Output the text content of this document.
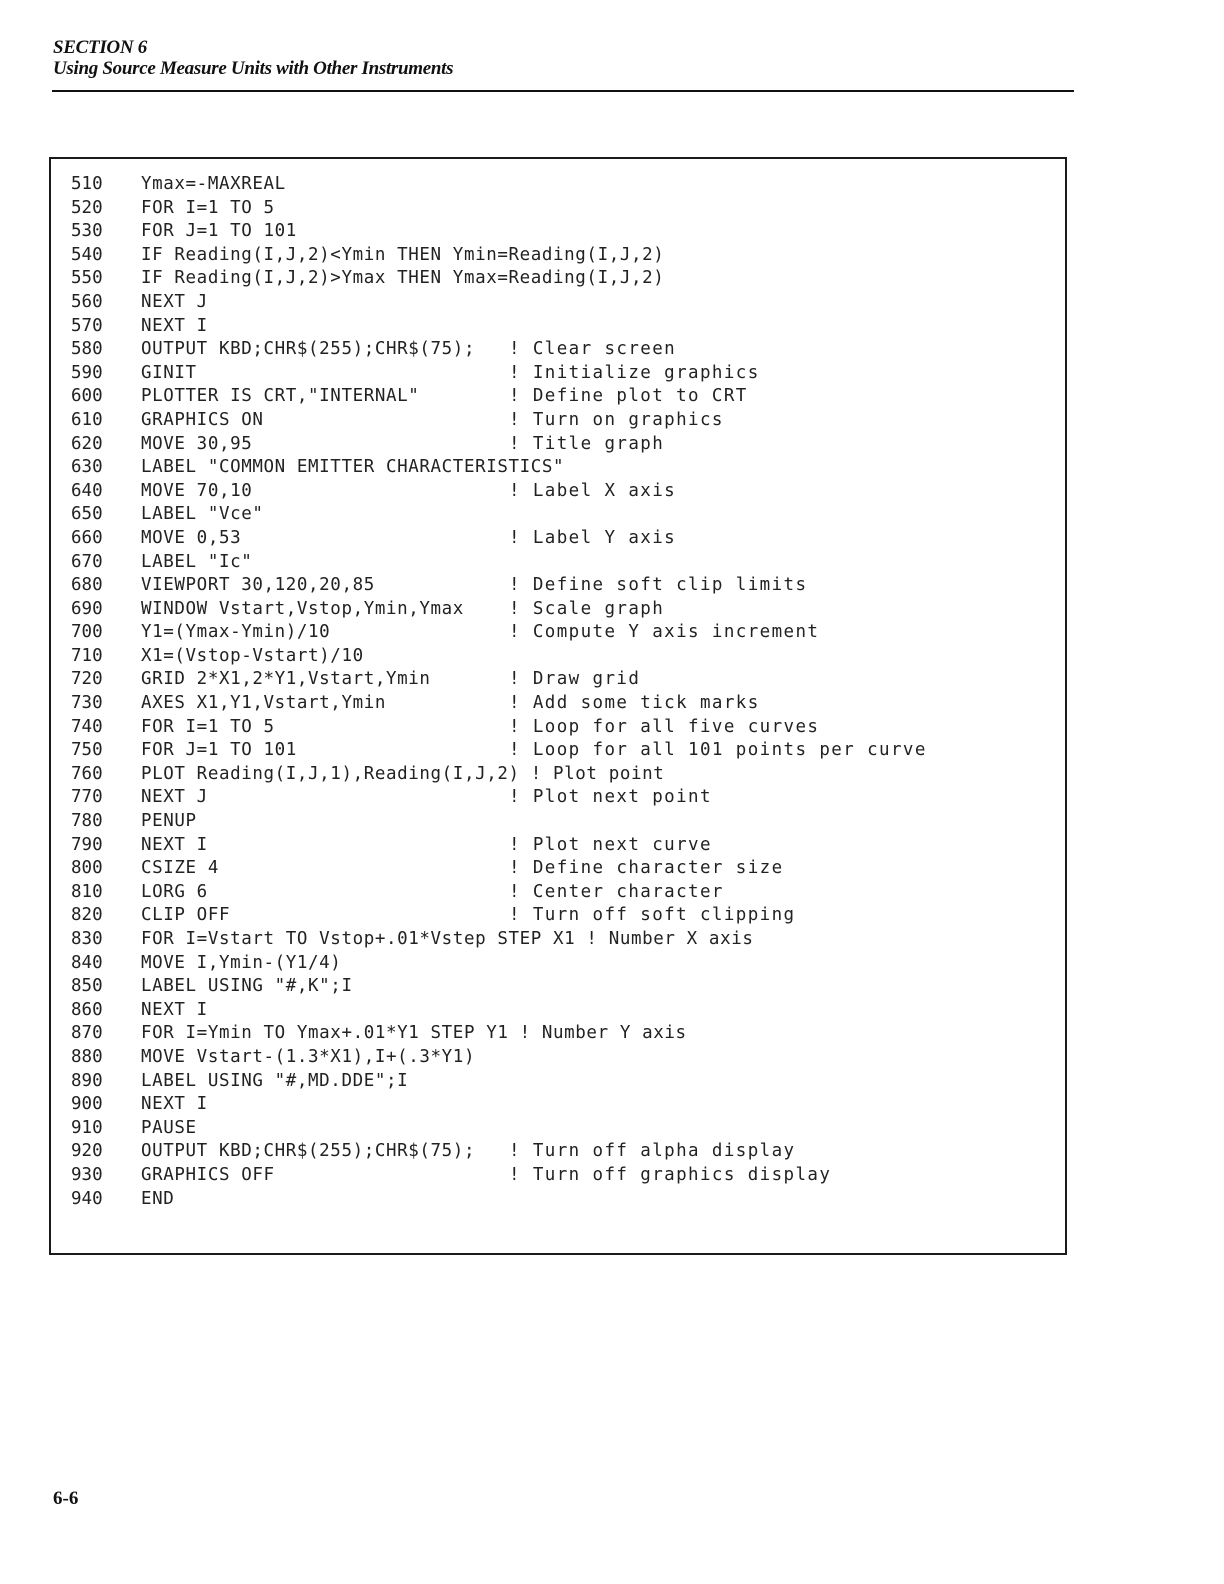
SECTION 6
Using Source Measure Units with Other Instruments
510 Ymax=-MAXREAL
520 FOR I=1 TO 5
530 FOR J=1 TO 101
540 IF Reading(I,J,2)<Ymin THEN Ymin=Reading(I,J,2)
550 IF Reading(I,J,2)>Ymax THEN Ymax=Reading(I,J,2)
560 NEXT J
570 NEXT I
580 OUTPUT KBD;CHR$(255);CHR$(75); ! Clear screen
590 GINIT	! Initialize graphics
600 PLOTTER IS CRT,"INTERNAL"	! Define plot to CRT
610 GRAPHICS ON	! Turn on graphics
620 MOVE 30,95	! Title graph
630 LABEL "COMMON EMITTER CHARACTERISTICS"
640 MOVE 70,10	! Label X axis
650 LABEL "Vce"
660 MOVE 0,53	! Label Y axis
670 LABEL "Ic"
680 VIEWPORT 30,120,20,85	! Define soft clip limits
690 WINDOW Vstart,Vstop,Ymin,Ymax	! Scale graph
700 Y1=(Ymax-Ymin)/10	! Compute Y axis increment
710 X1=(Vstop-Vstart)/10
720 GRID 2*X1,2*Y1,Vstart,Ymin	! Draw grid
730 AXES X1,Y1,Vstart,Ymin	! Add some tick marks
740 FOR I=1 TO 5	! Loop for all five curves
750 FOR J=1 TO 101	! Loop for all 101 points per curve
760 PLOT Reading(I,J,1),Reading(I,J,2) ! Plot point
770 NEXT J	! Plot next point
780 PENUP
790 NEXT I	! Plot next curve
800 CSIZE 4	! Define character size
810 LORG 6	! Center character
820 CLIP OFF	! Turn off soft clipping
830 FOR I=Vstart TO Vstop+.01*Vstep STEP X1 ! Number X axis
840 MOVE I,Ymin-(Y1/4)
850 LABEL USING "#,K";I
860 NEXT I
870 FOR I=Ymin TO Ymax+.01*Y1 STEP Y1 ! Number Y axis
880 MOVE Vstart-(1.3*X1),I+(.3*Y1)
890 LABEL USING "#,MD.DDE";I
900 NEXT I
910 PAUSE
920 OUTPUT KBD;CHR$(255);CHR$(75); ! Turn off alpha display
930 GRAPHICS OFF	! Turn off graphics display
940 END
6-6
